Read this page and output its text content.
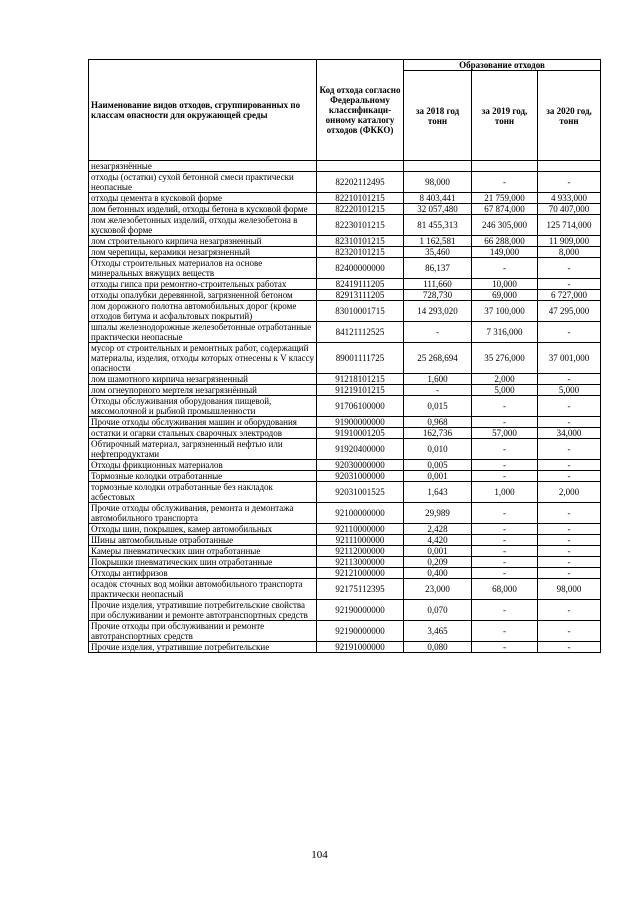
Наименование видов отходов, сгруппированных по классам опасности для окружающей среды	Код отхода согласно Федеральному классификаци-онному каталогу отходов (ФККО)	Образование отходов		
		за 2018 год тонн	за 2019 год, тонн	за 2020 год, тонн
незагрязнённые				
отходы (остатки) сухой бетонной смеси практически неопасные	82202112495	98,000	-	-
отходы цемента в кусковой форме	82210101215	8 403,441	21 759,000	4 933,000
лом бетонных изделий, отходы бетона в кусковой форме	82220101215	32 057,480	67 874,000	70 407,000
лом железобетонных изделий, отходы железобетона в кусковой форме	82230101215	81 455,313	246 305,000	125 714,000
лом строительного кирпича незагрязненный	82310101215	1 162,581	66 288,000	11 909,000
лом черепицы, керамики незагрязненный	82320101215	35,460	149,000	8,000
Отходы строительных материалов на основе минеральных вяжущих веществ	82400000000	86,137	-	-
отходы гипса при ремонтно-строительных работах	82419111205	111,660	10,000	-
отходы опалубки деревянной, загрязненной бетоном	82913111205	728,730	69,000	6 727,000
лом дорожного полотна автомобильных дорог (кроме отходов битума и асфальтовых покрытий)	83010001715	14 293,020	37 100,000	47 295,000
шпалы железнодорожные железобетонные отработанные практически неопасные	84121112525	-	7 316,000	-
мусор от строительных и ремонтных работ, содержащий материалы, изделия, отходы которых отнесены к V классу опасности	89001111725	25 268,694	35 276,000	37 001,000
лом шамотного кирпича незагрязненный	91218101215	1,600	2,000	-
лом огнеупорного мертеля незагрязнённый	91219101215	-	5,000	5,000
Отходы обслуживания оборудования пищевой, мясомолочной и рыбной промышленности	91706100000	0,015	-	-
Прочие отходы обслуживания машин и оборудования	91900000000	0,968	-	-
остатки и огарки стальных сварочных электродов	91910001205	162,736	57,000	34,000
Обтирочный материал, загрязненный нефтью или нефтепродуктами	91920400000	0,010	-	-
Отходы фрикционных материалов	92030000000	0,005	-	-
Тормозные колодки отработанные	92031000000	0,001	-	-
тормозные колодки отработанные без накладок асбестовых	92031001525	1,643	1,000	2,000
Прочие отходы обслуживания, ремонта и демонтажа автомобильного транспорта	92100000000	29,989	-	-
Отходы шин, покрышек, камер автомобильных	92110000000	2,428	-	-
Шины автомобильные отработанные	92111000000	4,420	-	-
Камеры пневматических шин отработанные	92112000000	0,001	-	-
Покрышки пневматических шин отработанные	92113000000	0,209	-	-
Отходы антифризов	92121000000	0,400	-	-
осадок сточных вод мойки автомобильного транспорта практически неопасный	92175112395	23,000	68,000	98,000
Прочие изделия, утратившие потребительские свойства при обслуживании и ремонте автотранспортных средств	92190000000	0,070	-	-
Прочие отходы при обслуживании и ремонте автотранспортных средств	92190000000	3,465	-	-
Прочие изделия, утратившие потребительские	92191000000	0,080	-	-
104
